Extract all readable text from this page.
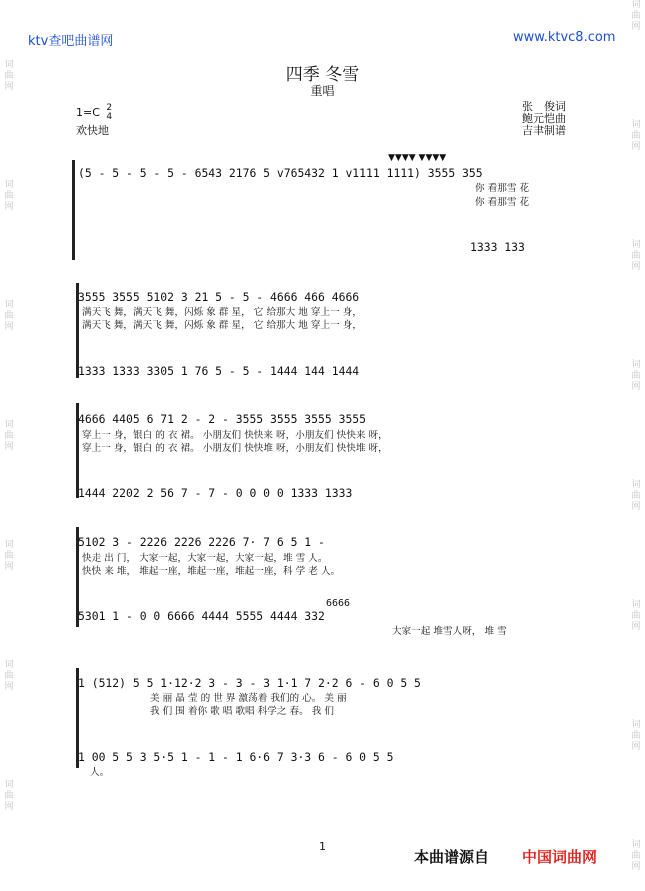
ktv查吧曲谱网	www.ktvc8.com
四季 冬雪
重唱
1=C 2
4
欢快地
张　俊词
鲍元恺曲
吉聿制谱
词曲网
词曲网
词曲网
词曲网
词曲网
词曲网
词曲网
词曲网
词曲网
词曲网
词曲网
词曲网
词曲网
词曲网
词曲网
▼▼▼▼ ▼▼▼▼
(5 - 5 - 5 - 5 - 6543 2176 5 v765432 1 v1111 1111) 3555 355
你 看那雪 花
你 看那雪 花
1333 133
3555 3555 5102 3 21 5 - 5 - 4666 466 4666
满天飞 舞，满天飞 舞，闪烁 象 群 星， 它 给那大 地 穿上一 身，
满天飞 舞，满天飞 舞，闪烁 象 群 星， 它 给那大 地 穿上一 身，
1333 1333 3305 1 76 5 - 5 - 1444 144 1444
4666 4405 6 71 2 - 2 - 3555 3555 3555 3555
穿上一 身，银白 的 衣 裙。 小朋友们 快快来 呀，小朋友们 快快来 呀，
穿上一 身，银白 的 衣 裙。 小朋友们 快快堆 呀，小朋友们 快快堆 呀，
1444 2202 2 56 7 - 7 - 0 0 0 0 1333 1333
5102 3 - 2226 2226 2226 7· 7 6 5 1 -
快走 出 门， 大家一起，大家一起，大家一起，堆 雪 人。
快快 来 堆， 堆起一座，堆起一座，堆起一座，科 学 老 人。
6666
5301 1 - 0 0 6666 4444 5555 4444 332
大家一起 堆雪人呀， 堆 雪
1 (512) 5 5 1·12·2 3 - 3 - 3 1·1 7 2·2 6 - 6 0 5 5
美 丽 晶 莹 的 世 界 激荡着 我们的 心。 美 丽
我 们 围 着你 歌 唱 歌唱 科学之 春。 我 们
1 00 5 5 3 5·5 1 - 1 - 1 6·6 7 3·3 6 - 6 0 5 5
人。
1
本曲谱源自 中国词曲网
